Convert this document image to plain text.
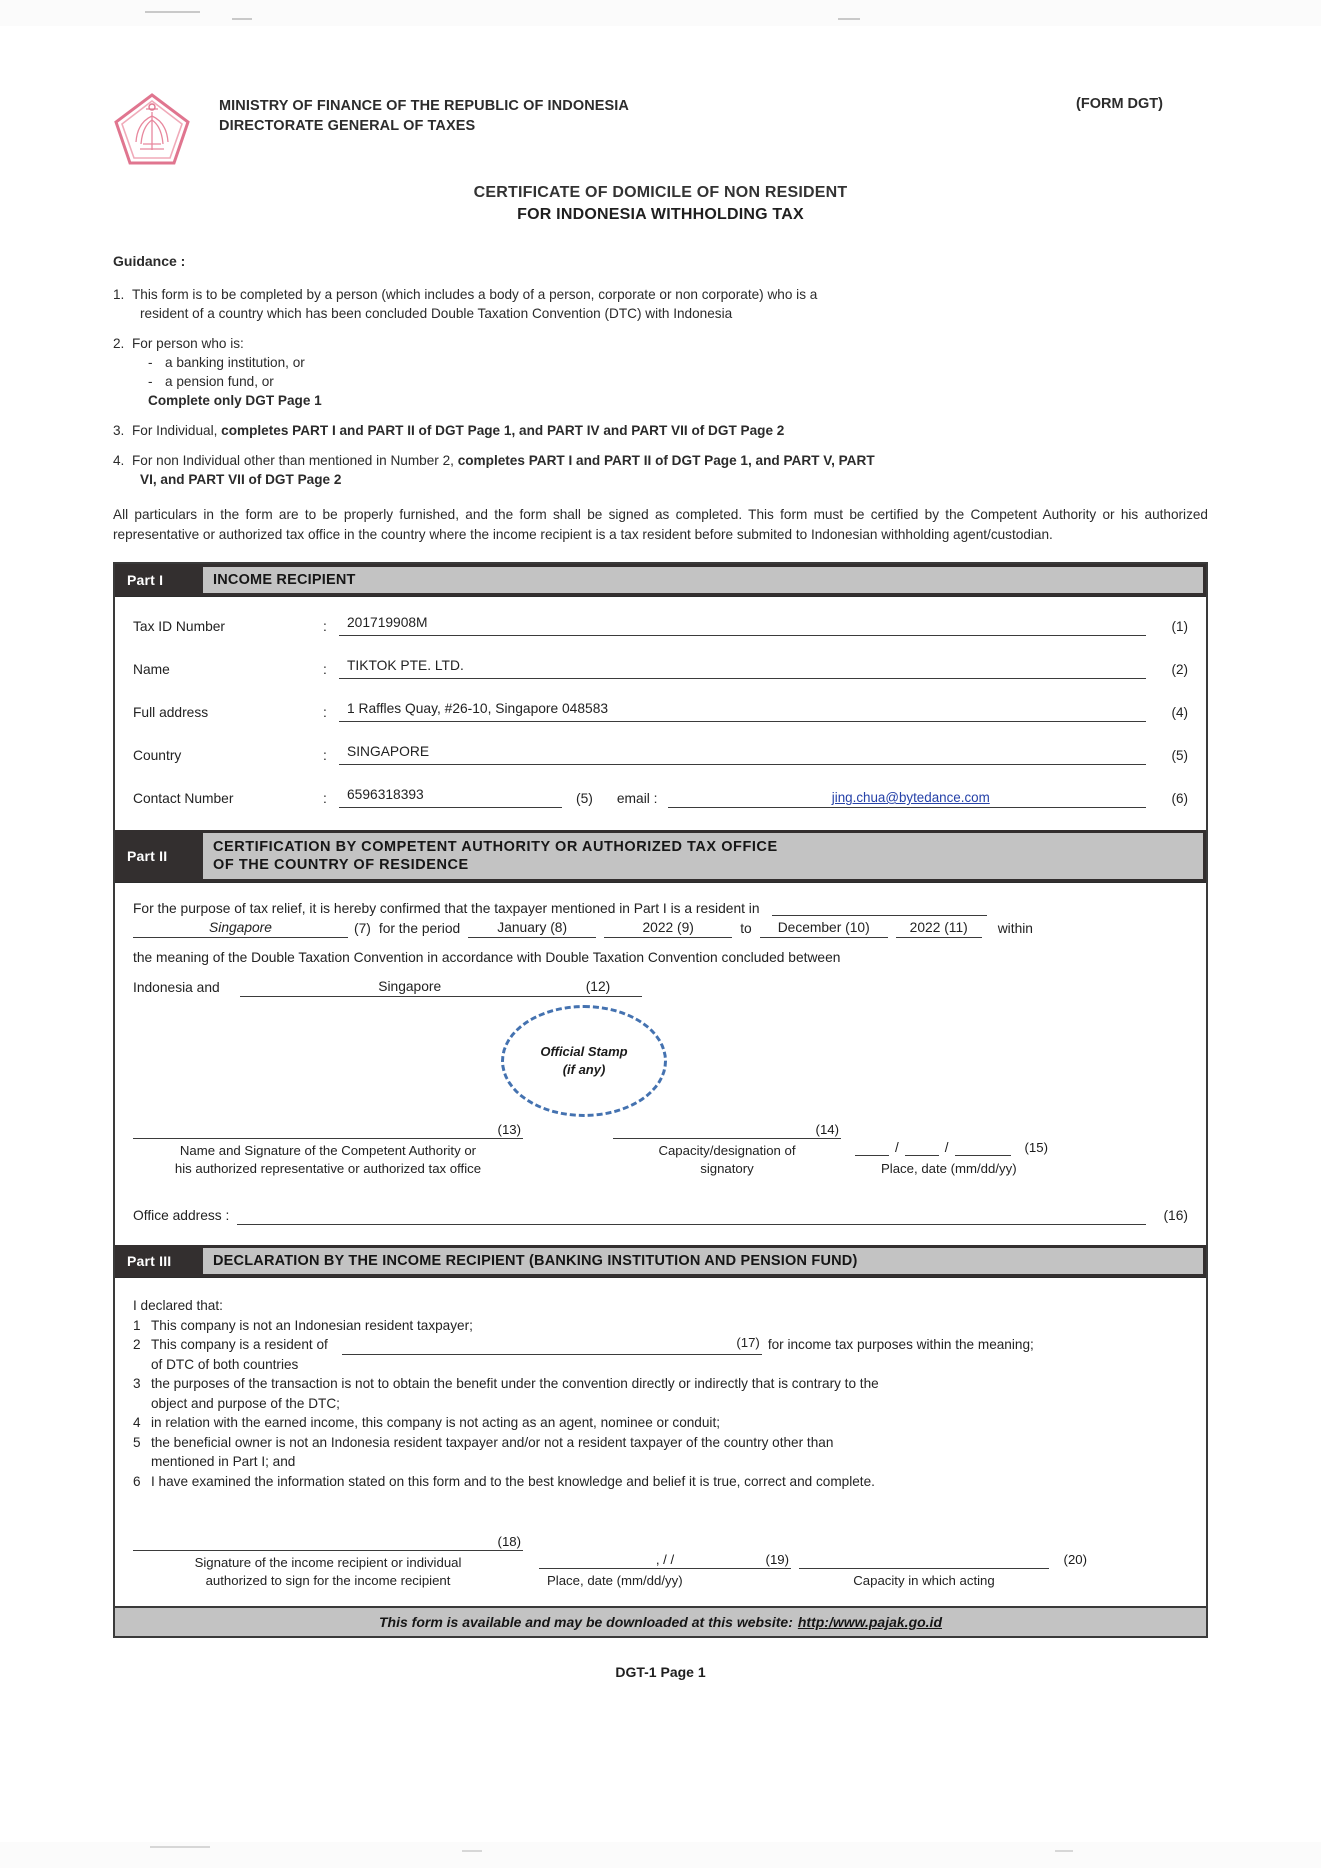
MINISTRY OF FINANCE OF THE REPUBLIC OF INDONESIA
DIRECTORATE GENERAL OF TAXES
(FORM DGT)
CERTIFICATE OF DOMICILE OF NON RESIDENT
FOR INDONESIA WITHHOLDING TAX
Guidance :
1. This form is to be completed by a person (which includes a body of a person, corporate or non corporate) who is a
resident of a country which has been concluded Double Taxation Convention (DTC) with Indonesia
2. For person who is:
- a banking institution, or
- a pension fund, or
Complete only DGT Page 1
3. For Individual, completes PART I and PART II of DGT Page 1, and PART IV and PART VII of DGT Page 2
4. For non Individual other than mentioned in Number 2, completes PART I and PART II of DGT Page 1, and PART V, PART
VI, and PART VII of DGT Page 2
All particulars in the form are to be properly furnished, and the form shall be signed as completed. This form must be certified by the Competent Authority or his authorized representative or authorized tax office in the country where the income recipient is a tax resident before submited to Indonesian withholding agent/custodian.
Part I	INCOME RECIPIENT
Tax ID Number	:	201719908M	(1)
Name	:	TIKTOK PTE. LTD.	(2)
Full address	:	1 Raffles Quay, #26-10, Singapore 048583	(4)
Country	:	SINGAPORE	(5)
Contact Number	:	6596318393	(5)	email :	jing.chua@bytedance.com	(6)
Part II
CERTIFICATION BY COMPETENT AUTHORITY OR AUTHORIZED TAX OFFICE
OF THE COUNTRY OF RESIDENCE
For the purpose of tax relief, it is hereby confirmed that the taxpayer mentioned in Part I is a resident in
Singapore	(7) for the period	January (8)	2022 (9)	to	December (10)	2022 (11)	within
the meaning of the Double Taxation Convention in accordance with Double Taxation Convention concluded between
Indonesia and	Singapore	(12)
Official Stamp
(if any)
(13)
Name and Signature of the Competent Authority or
his authorized representative or authorized tax office
(14)
Capacity/designation of
signatory
/	/	(15)
Place, date (mm/dd/yy)
Office address :	(16)
Part III	DECLARATION BY THE INCOME RECIPIENT (BANKING INSTITUTION AND PENSION FUND)
I declared that:
1 This company is not an Indonesian resident taxpayer;
2 This company is a resident of	(17) for income tax purposes within the meaning;
of DTC of both countries
3 the purposes of the transaction is not to obtain the benefit under the convention directly or indirectly that is contrary to the
object and purpose of the DTC;
4 in relation with the earned income, this company is not acting as an agent, nominee or conduit;
5 the beneficial owner is not an Indonesia resident taxpayer and/or not a resident taxpayer of the country other than
mentioned in Part I; and
6 I have examined the information stated on this form and to the best knowledge and belief it is true, correct and complete.
(18)
Signature of the income recipient or individual
authorized to sign for the income recipient
, / /	(19)
Place, date (mm/dd/yy)
(20)
Capacity in which acting
This form is available and may be downloaded at this website: http:/www.pajak.go.id
DGT-1 Page 1
